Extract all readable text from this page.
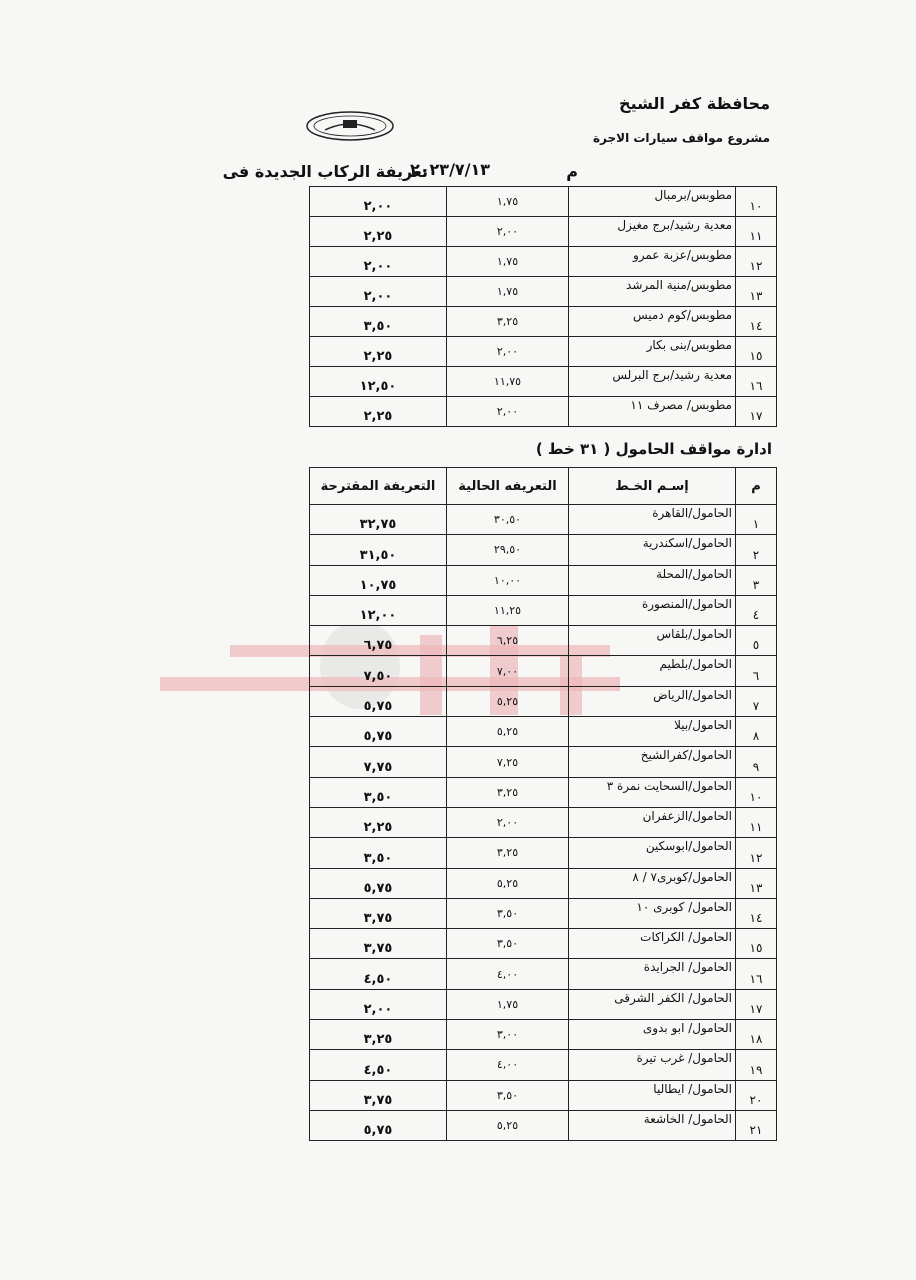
محافظة كفر الشيخ
مشروع مواقف سيارات الاجرة
تعريفة الركاب الجديدة فى
٢٠٢٣/٧/١٣	م
٢,٠٠	١,٧٥	مطوبس/برمبال	١٠
٢,٢٥	٢,٠٠	معدية رشيد/برج مغيزل	١١
٢,٠٠	١,٧٥	مطوبس/عزبة عمرو	١٢
٢,٠٠	١,٧٥	مطوبس/منية المرشد	١٣
٣,٥٠	٣,٢٥	مطوبس/كوم دميس	١٤
٢,٢٥	٢,٠٠	مطوبس/بنى بكار	١٥
١٢,٥٠	١١,٧٥	معدية رشيد/برج البرلس	١٦
٢,٢٥	٢,٠٠	مطوبس/ مصرف ١١	١٧
ادارة مواقف الحامول ( ٣١ خط )
التعريفة المقترحة	التعريفه الحالية	إسـم الخـط	م
٣٢,٧٥	٣٠,٥٠	الحامول/القاهرة	١
٣١,٥٠	٢٩,٥٠	الحامول/اسكندرية	٢
١٠,٧٥	١٠,٠٠	الحامول/المحلة	٣
١٢,٠٠	١١,٢٥	الحامول/المنصورة	٤
٦,٧٥	٦,٢٥	الحامول/بلقاس	٥
٧,٥٠	٧,٠٠	الحامول/بلطيم	٦
٥,٧٥	٥,٢٥	الحامول/الرياض	٧
٥,٧٥	٥,٢٥	الحامول/بيلا	٨
٧,٧٥	٧,٢٥	الحامول/كفرالشيخ	٩
٣,٥٠	٣,٢٥	الحامول/السحايت نمرة ٣	١٠
٢,٢٥	٢,٠٠	الحامول/الزعفران	١١
٣,٥٠	٣,٢٥	الحامول/ابوسكين	١٢
٥,٧٥	٥,٢٥	الحامول/كوبرى٧ / ٨	١٣
٣,٧٥	٣,٥٠	الحامول/ كوبرى ١٠	١٤
٣,٧٥	٣,٥٠	الحامول/ الكراكات	١٥
٤,٥٠	٤,٠٠	الحامول/ الجرايدة	١٦
٢,٠٠	١,٧٥	الحامول/ الكفر الشرقى	١٧
٣,٢٥	٣,٠٠	الحامول/ ابو بدوى	١٨
٤,٥٠	٤,٠٠	الحامول/ غرب تيرة	١٩
٣,٧٥	٣,٥٠	الحامول/ ايطاليا	٢٠
٥,٧٥	٥,٢٥	الحامول/ الخاشعة	٢١
